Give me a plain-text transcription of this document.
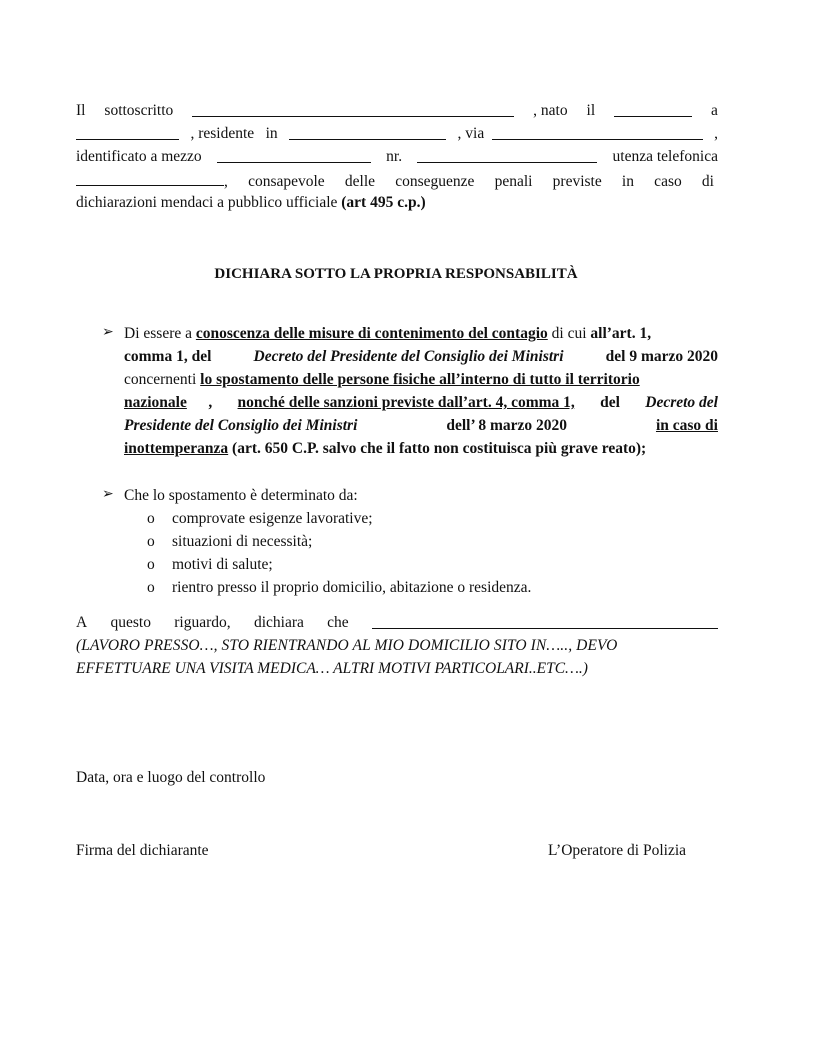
Il sottoscritto	, nato il	a
, residente in	, via	,
identificato a mezzo	nr.	utenza telefonica
, consapevole delle conseguenze penali previste in caso di
dichiarazioni mendaci a pubblico ufficiale (art 495 c.p.)
DICHIARA SOTTO LA PROPRIA RESPONSABILITÀ
➢ Di essere a conoscenza delle misure di contenimento del contagio di cui all’art. 1,
comma 1, del Decreto del Presidente del Consiglio dei Ministri del 9 marzo 2020
concernenti lo spostamento delle persone fisiche all’interno di tutto il territorio
nazionale , nonché delle sanzioni previste dall’art. 4, comma 1, del Decreto del
Presidente del Consiglio dei Ministri	dell’ 8 marzo 2020	in caso di
inottemperanza (art. 650 C.P. salvo che il fatto non costituisca più grave reato);
➢ Che lo spostamento è determinato da:
o comprovate esigenze lavorative;
o situazioni di necessità;
o motivi di salute;
o rientro presso il proprio domicilio, abitazione o residenza.
A questo riguardo, dichiara che
(LAVORO PRESSO…, STO RIENTRANDO AL MIO DOMICILIO SITO IN….., DEVO
EFFETTUARE UNA VISITA MEDICA… ALTRI MOTIVI PARTICOLARI..ETC….)
Data, ora e luogo del controllo
Firma del dichiarante	L’Operatore di Polizia
